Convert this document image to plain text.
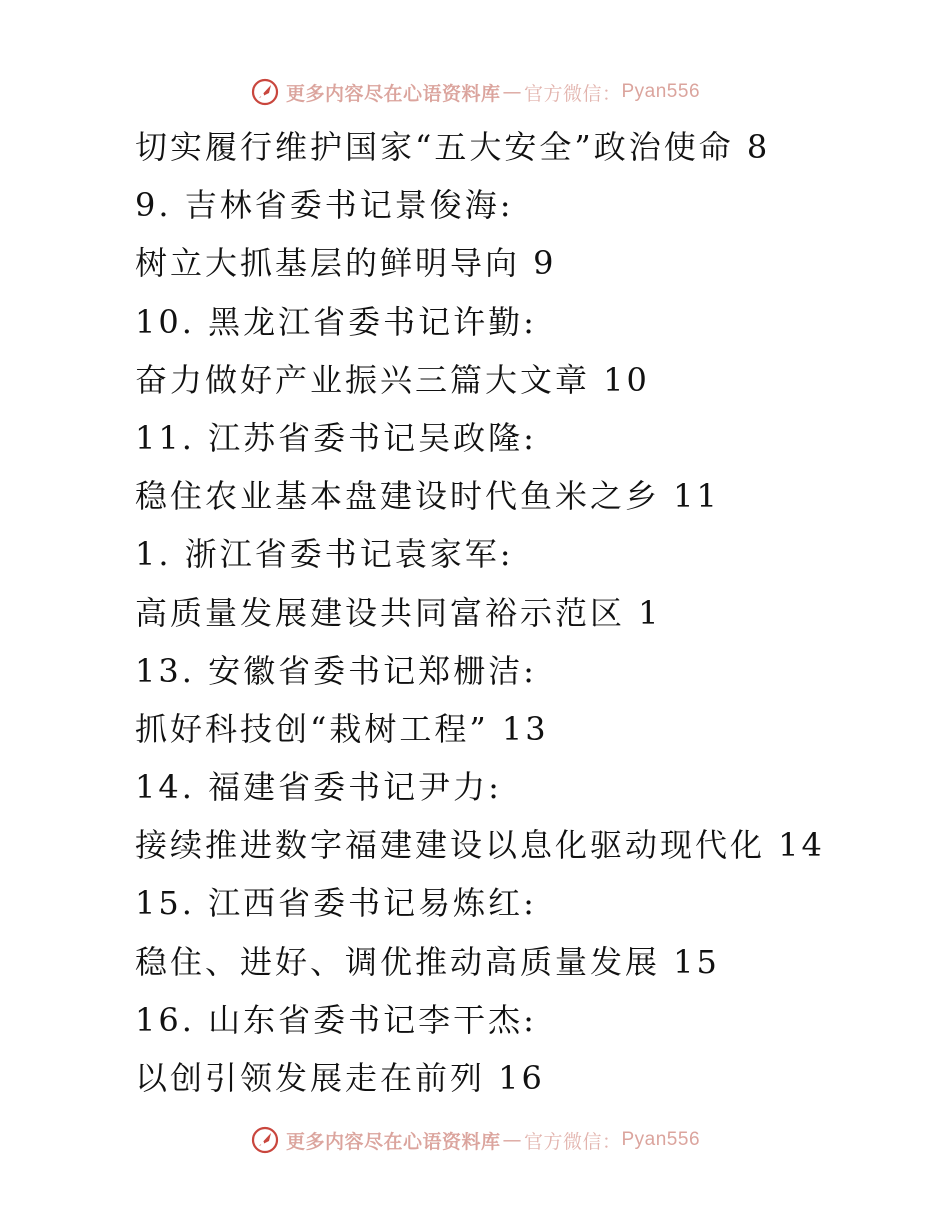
更多内容尽在心语资料库 — 官方微信： Pyan556
切实履行维护国家“五大安全”政治使命 8
9. 吉林省委书记景俊海:
树立大抓基层的鲜明导向 9
10. 黑龙江省委书记许勤:
奋力做好产业振兴三篇大文章 10
11. 江苏省委书记吴政隆:
稳住农业基本盘建设时代鱼米之乡 11
1. 浙江省委书记袁家军:
高质量发展建设共同富裕示范区 1
13. 安徽省委书记郑栅洁:
抓好科技创“栽树工程” 13
14. 福建省委书记尹力:
接续推进数字福建建设以息化驱动现代化 14
15. 江西省委书记易炼红:
稳住、进好、调优推动高质量发展 15
16. 山东省委书记李干杰:
以创引领发展走在前列 16
更多内容尽在心语资料库 — 官方微信： Pyan556
